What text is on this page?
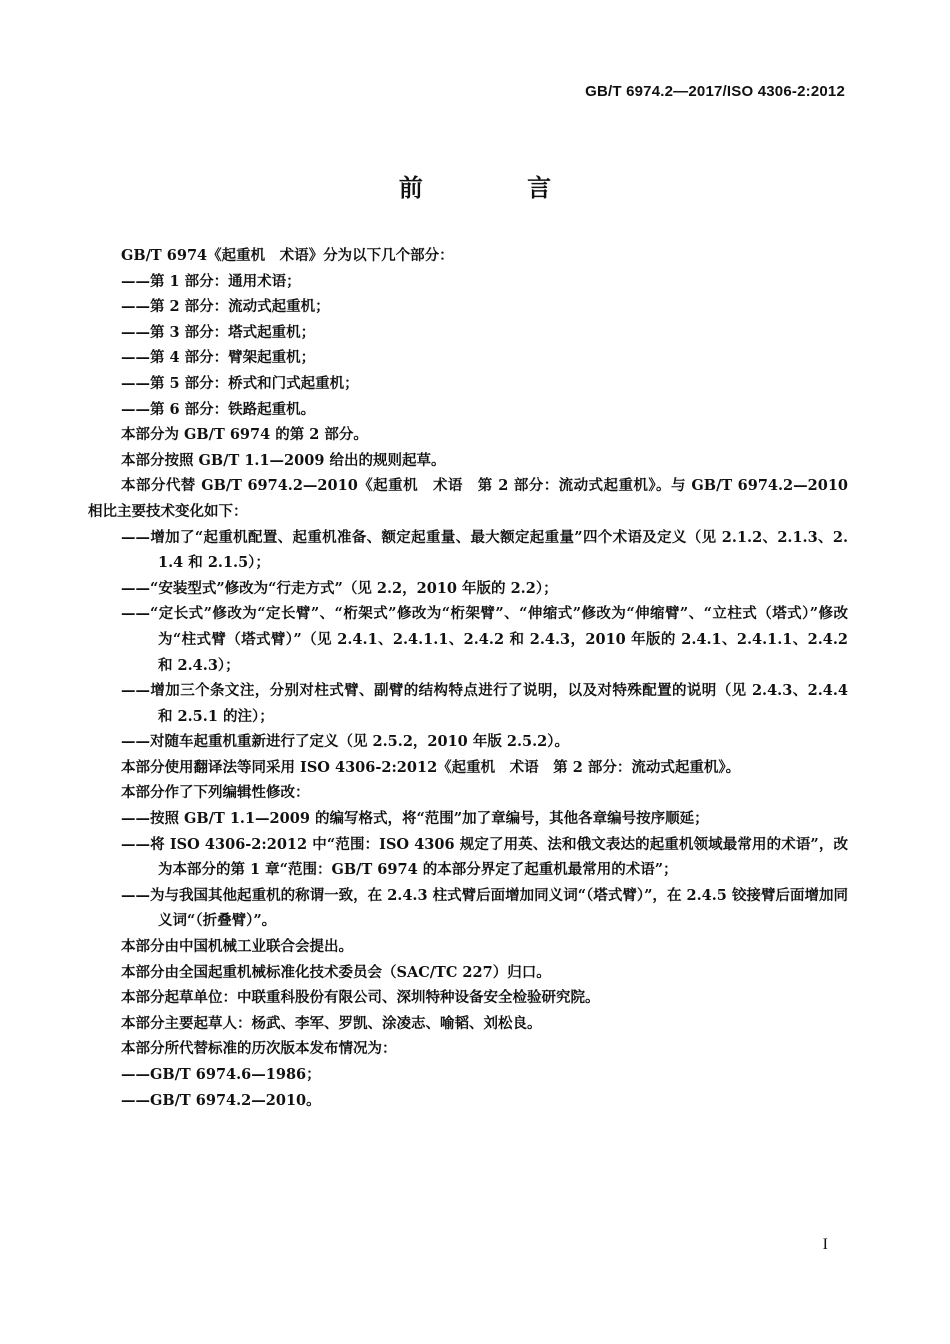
GB/T 6974.2—2017/ISO 4306-2:2012
前 言

GB/T 6974《起重机　术语》分为以下几个部分：

——第 1 部分：通用术语；

——第 2 部分：流动式起重机；

——第 3 部分：塔式起重机；

——第 4 部分：臂架起重机；

——第 5 部分：桥式和门式起重机；

——第 6 部分：铁路起重机。

本部分为 GB/T 6974 的第 2 部分。

本部分按照 GB/T 1.1—2009 给出的规则起草。

本部分代替 GB/T 6974.2—2010《起重机　术语　第 2 部分：流动式起重机》。与 GB/T 6974.2—2010 相比主要技术变化如下：

——增加了“起重机配置、起重机准备、额定起重量、最大额定起重量”四个术语及定义（见 2.1.2、2.1.3、2.1.4 和 2.1.5）；

——“安装型式”修改为“行走方式”（见 2.2，2010 年版的 2.2）；

——“定长式”修改为“定长臂”、“桁架式”修改为“桁架臂”、“伸缩式”修改为“伸缩臂”、“立柱式（塔式）”修改为“柱式臂（塔式臂）”（见 2.4.1、2.4.1.1、2.4.2 和 2.4.3，2010 年版的 2.4.1、2.4.1.1、2.4.2 和 2.4.3）；

——增加三个条文注，分别对柱式臂、副臂的结构特点进行了说明，以及对特殊配置的说明（见 2.4.3、2.4.4 和 2.5.1 的注）；

——对随车起重机重新进行了定义（见 2.5.2，2010 年版 2.5.2）。

本部分使用翻译法等同采用 ISO 4306-2:2012《起重机　术语　第 2 部分：流动式起重机》。

本部分作了下列编辑性修改：

——按照 GB/T 1.1—2009 的编写格式，将“范围”加了章编号，其他各章编号按序顺延；

——将 ISO 4306-2:2012 中“范围：ISO 4306 规定了用英、法和俄文表达的起重机领域最常用的术语”，改为本部分的第 1 章“范围：GB/T 6974 的本部分界定了起重机最常用的术语”；

——为与我国其他起重机的称谓一致，在 2.4.3 柱式臂后面增加同义词“（塔式臂）”，在 2.4.5 铰接臂后面增加同义词“（折叠臂）”。

本部分由中国机械工业联合会提出。

本部分由全国起重机械标准化技术委员会（SAC/TC 227）归口。

本部分起草单位：中联重科股份有限公司、深圳特种设备安全检验研究院。

本部分主要起草人：杨武、李军、罗凯、涂凌志、喻韬、刘松良。

本部分所代替标准的历次版本发布情况为：

——GB/T 6974.6—1986；

——GB/T 6974.2—2010。

I
